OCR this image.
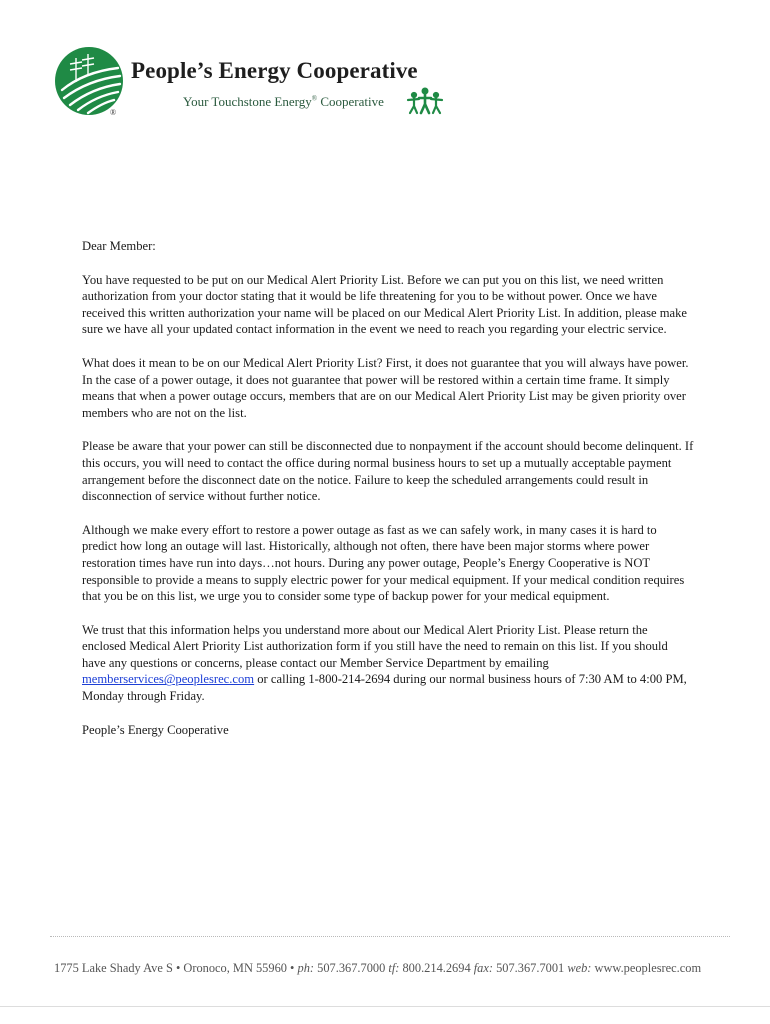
®
People’s Energy Cooperative
Your Touchstone Energy® Cooperative

Dear Member:

You have requested to be put on our Medical Alert Priority List. Before we can put you on this list, we need written authorization from your doctor stating that it would be life threatening for you to be without power. Once we have received this written authorization your name will be placed on our Medical Alert Priority List. In addition, please make sure we have all your updated contact information in the event we need to reach you regarding your electric service.

What does it mean to be on our Medical Alert Priority List? First, it does not guarantee that you will always have power. In the case of a power outage, it does not guarantee that power will be restored within a certain time frame. It simply means that when a power outage occurs, members that are on our Medical Alert Priority List may be given priority over members who are not on the list.

Please be aware that your power can still be disconnected due to nonpayment if the account should become delinquent. If this occurs, you will need to contact the office during normal business hours to set up a mutually acceptable payment arrangement before the disconnect date on the notice. Failure to keep the scheduled arrangements could result in disconnection of service without further notice.

Although we make every effort to restore a power outage as fast as we can safely work, in many cases it is hard to predict how long an outage will last. Historically, although not often, there have been major storms where power restoration times have run into days…not hours. During any power outage, People’s Energy Cooperative is NOT responsible to provide a means to supply electric power for your medical equipment. If your medical condition requires that you be on this list, we urge you to consider some type of backup power for your medical equipment.

We trust that this information helps you understand more about our Medical Alert Priority List. Please return the enclosed Medical Alert Priority List authorization form if you still have the need to remain on this list. If you should have any questions or concerns, please contact our Member Service Department by emailing memberservices@peoplesrec.com or calling 1-800-214-2694 during our normal business hours of 7:30 AM to 4:00 PM, Monday through Friday.

People’s Energy Cooperative

1775 Lake Shady Ave S • Oronoco, MN 55960 • ph: 507.367.7000 tf: 800.214.2694 fax: 507.367.7001 web: www.peoplesrec.com
